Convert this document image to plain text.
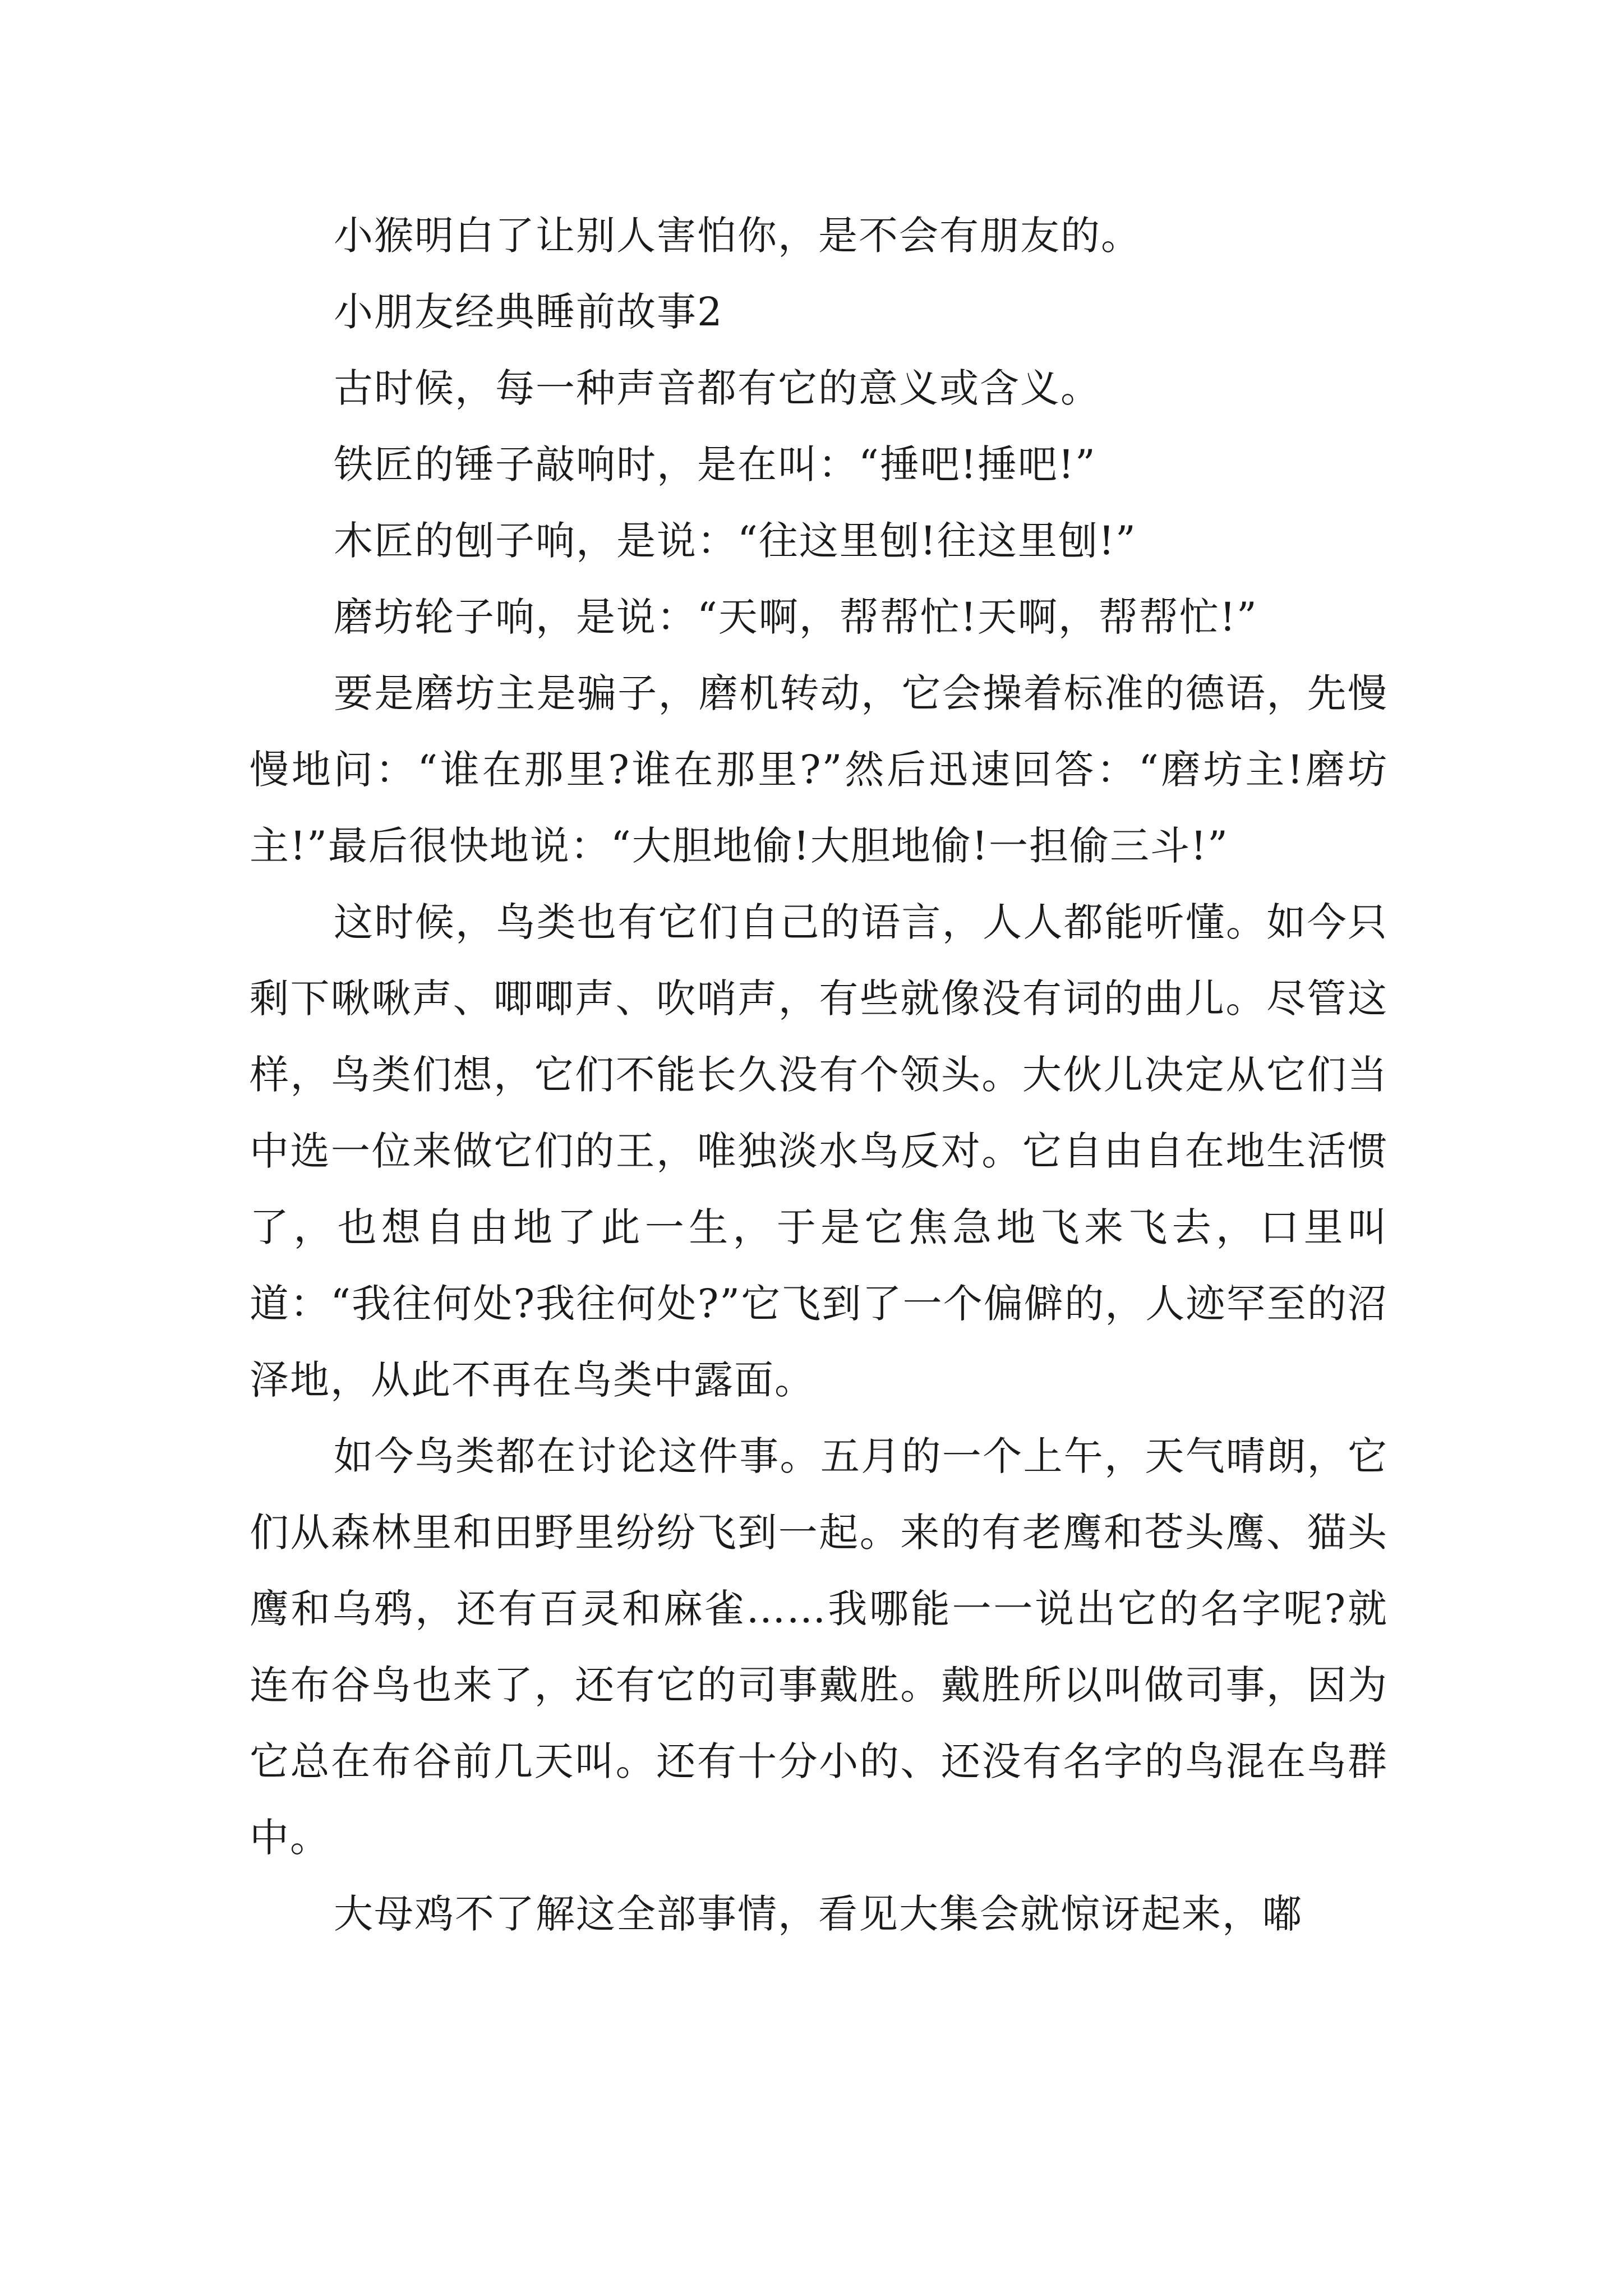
小猴明白了让别人害怕你，是不会有朋友的。

小朋友经典睡前故事2

古时候，每一种声音都有它的意义或含义。

铁匠的锤子敲响时，是在叫：“捶吧!捶吧!”

木匠的刨子响，是说：“往这里刨!往这里刨!”

磨坊轮子响，是说：“天啊，帮帮忙!天啊，帮帮忙!”

要是磨坊主是骗子，磨机转动，它会操着标准的德语，先慢慢地问：“谁在那里?谁在那里?”然后迅速回答：“磨坊主!磨坊主!”最后很快地说：“大胆地偷!大胆地偷!一担偷三斗!”

这时候，鸟类也有它们自己的语言，人人都能听懂。如今只剩下啾啾声、唧唧声、吹哨声，有些就像没有词的曲儿。尽管这样，鸟类们想，它们不能长久没有个领头。大伙儿决定从它们当中选一位来做它们的王，唯独淡水鸟反对。它自由自在地生活惯了，也想自由地了此一生，于是它焦急地飞来飞去，口里叫道：“我往何处?我往何处?”它飞到了一个偏僻的，人迹罕至的沼泽地，从此不再在鸟类中露面。

如今鸟类都在讨论这件事。五月的一个上午，天气晴朗，它们从森林里和田野里纷纷飞到一起。来的有老鹰和苍头鹰、猫头鹰和乌鸦，还有百灵和麻雀……我哪能一一说出它的名字呢?就连布谷鸟也来了，还有它的司事戴胜。戴胜所以叫做司事，因为它总在布谷前几天叫。还有十分小的、还没有名字的鸟混在鸟群中。

大母鸡不了解这全部事情，看见大集会就惊讶起来，嘟
